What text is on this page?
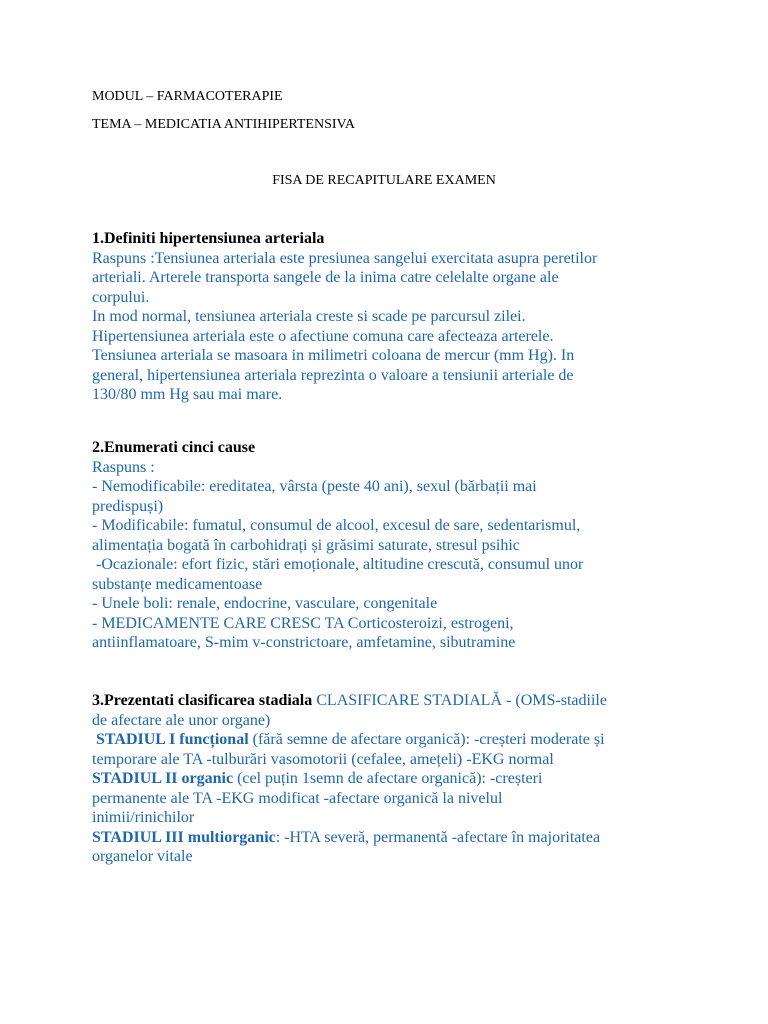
MODUL – FARMACOTERAPIE
TEMA – MEDICATIA ANTIHIPERTENSIVA
FISA DE RECAPITULARE EXAMEN
1.Definiti hipertensiunea arteriala
Raspuns :Tensiunea arteriala este presiunea sangelui exercitata asupra peretilor
arteriali. Arterele transporta sangele de la inima catre celelalte organe ale
corpului.
In mod normal, tensiunea arteriala creste si scade pe parcursul zilei.
Hipertensiunea arteriala este o afectiune comuna care afecteaza arterele.
Tensiunea arteriala se masoara in milimetri coloana de mercur (mm Hg). In
general, hipertensiunea arteriala reprezinta o valoare a tensiunii arteriale de
130/80 mm Hg sau mai mare.
2.Enumerati cinci cause
Raspuns :
- Nemodificabile: ereditatea, vârsta (peste 40 ani), sexul (bărbații mai
predispuși)
- Modificabile: fumatul, consumul de alcool, excesul de sare, sedentarismul,
alimentația bogată în carbohidrați și grăsimi saturate, stresul psihic
-Ocazionale: efort fizic, stări emoționale, altitudine crescută, consumul unor
substanțe medicamentoase
- Unele boli: renale, endocrine, vasculare, congenitale
- MEDICAMENTE CARE CRESC TA Corticosteroizi, estrogeni,
antiinflamatoare, S-mim v-constrictoare, amfetamine, sibutramine
3.Prezentati clasificarea stadiala CLASIFICARE STADIALĂ - (OMS-stadiile
de afectare ale unor organe)
STADIUL I funcțional (fără semne de afectare organică): -creșteri moderate și
temporare ale TA -tulburări vasomotorii (cefalee, amețeli) -EKG normal
STADIUL II organic (cel puțin 1semn de afectare organică): -creșteri
permanente ale TA -EKG modificat -afectare organică la nivelul
inimii/rinichilor
STADIUL III multiorganic: -HTA severă, permanentă -afectare în majoritatea
organelor vitale
